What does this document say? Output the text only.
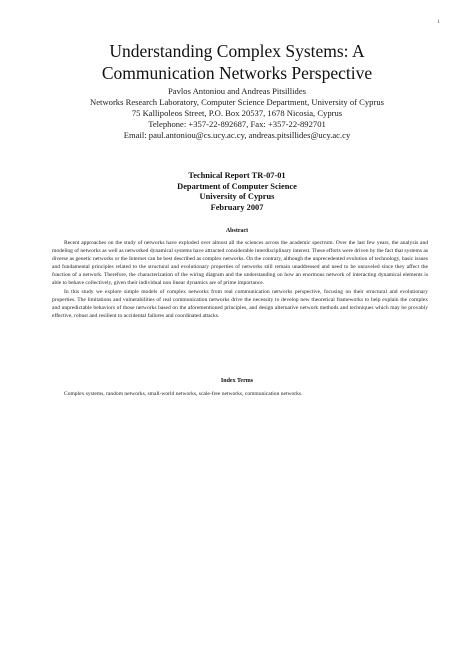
1
Understanding Complex Systems: A
Communication Networks Perspective
Pavlos Antoniou and Andreas Pitsillides
Networks Research Laboratory, Computer Science Department, University of Cyprus
75 Kallipoleos Street, P.O. Box 20537, 1678 Nicosia, Cyprus
Telephone: +357-22-892687, Fax: +357-22-892701
Email: paul.antoniou@cs.ucy.ac.cy, andreas.pitsillides@ucy.ac.cy
Technical Report TR-07-01
Department of Computer Science
University of Cyprus
February 2007
Abstract

Recent approaches on the study of networks have exploded over almost all the sciences across the academic spectrum. Over the last few years, the analysis and modeling of networks as well as networked dynamical systems have attracted considerable interdisciplinary interest. These efforts were driven by the fact that systems as diverse as genetic networks or the Internet can be best described as complex networks. On the contrary, although the unprecedented evolution of technology, basic issues and fundamental principles related to the structural and evolutionary properties of networks still remain unaddressed and need to be unraveled since they affect the function of a network. Therefore, the characterization of the wiring diagram and the understanding on how an enormous network of interacting dynamical elements is able to behave collectively, given their individual non linear dynamics are of prime importance.

In this study we explore simple models of complex networks from real communication networks perspective, focusing on their structural and evolutionary properties. The limitations and vulnerabilities of real communication networks drive the necessity to develop new theoretical frameworks to help explain the complex and unpredictable behaviors of those networks based on the aforementioned principles, and design alternative network methods and techniques which may be provably effective, robust and resilient to accidental failures and coordinated attacks.

Index Terms
Complex systems, random networks, small-world networks, scale-free networks, communication networks.
